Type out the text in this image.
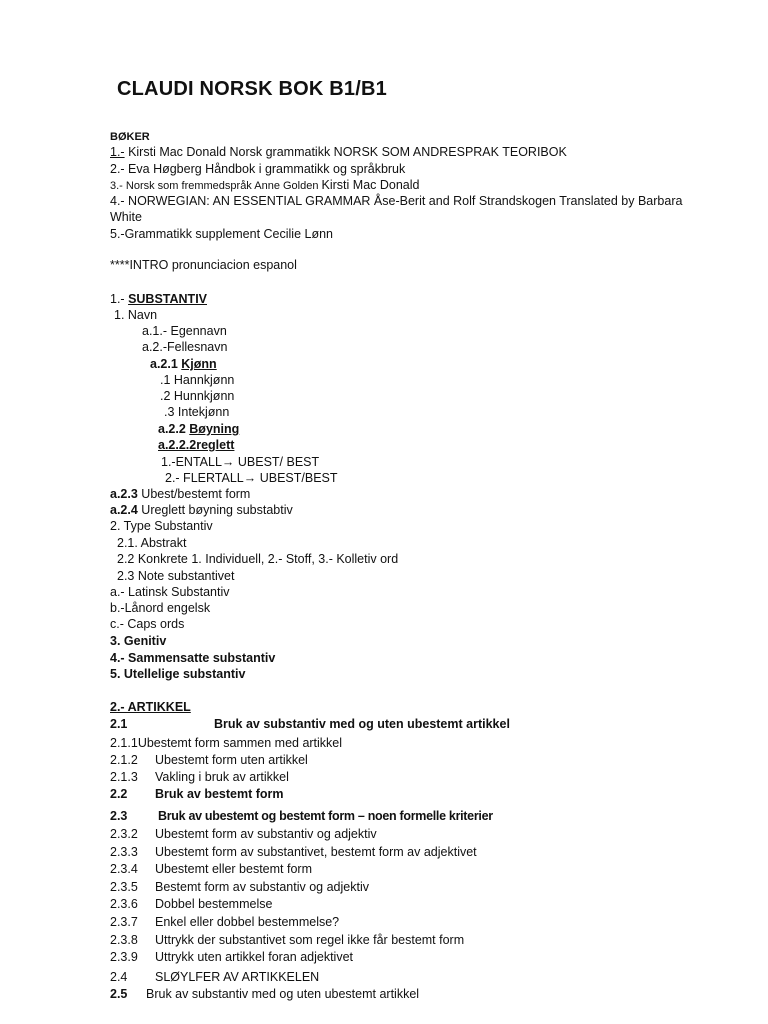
CLAUDI NORSK BOK B1/B1
BØKER
1.- Kirsti Mac Donald Norsk grammatikk NORSK SOM ANDRESPRAK TEORIBOK
2.- Eva Høgberg Håndbok i grammatikk og språkbruk
3.- Norsk som fremmedspråk Anne Golden Kirsti Mac Donald
4.- NORWEGIAN: AN ESSENTIAL GRAMMAR Åse-Berit and Rolf Strandskogen Translated by Barbara
White
5.-Grammatikk supplement Cecilie Lønn
****INTRO pronunciacion espanol
1.- SUBSTANTIV
1. Navn
a.1.- Egennavn
a.2.-Fellesnavn
a.2.1 Kjønn
.1 Hannkjønn
.2 Hunnkjønn
.3 Intekjønn
a.2.2 Bøyning
a.2.2.2reglett
1.-ENTALL→ UBEST/ BEST
2.- FLERTALL→ UBEST/BEST
a.2.3 Ubest/bestemt form
a.2.4 Ureglett bøyning substabtiv
2. Type Substantiv
2.1. Abstrakt
2.2 Konkrete 1. Individuell, 2.- Stoff, 3.- Kolletiv ord
2.3 Note substantivet
a.- Latinsk Substantiv
b.-Lånord engelsk
c.- Caps ords
3. Genitiv
4.- Sammensatte substantiv
5. Utellelige substantiv
2.- ARTIKKEL
2.1	Bruk av substantiv med og uten ubestemt artikkel
2.1.1Ubestemt form sammen med artikkel
2.1.2 Ubestemt form uten artikkel
2.1.3 Vakling i bruk av artikkel
2.2 Bruk av bestemt form
2.3 Bruk av ubestemt og bestemt form – noen formelle kriterier
2.3.2 Ubestemt form av substantiv og adjektiv
2.3.3 Ubestemt form av substantivet, bestemt form av adjektivet
2.3.4 Ubestemt eller bestemt form
2.3.5 Bestemt form av substantiv og adjektiv
2.3.6 Dobbel bestemmelse
2.3.7 Enkel eller dobbel bestemmelse?
2.3.8 Uttrykk der substantivet som regel ikke får bestemt form
2.3.9 Uttrykk uten artikkel foran adjektivet
2.4 SLØYLFER AV ARTIKKELEN
2.5 Bruk av substantiv med og uten ubestemt artikkel
